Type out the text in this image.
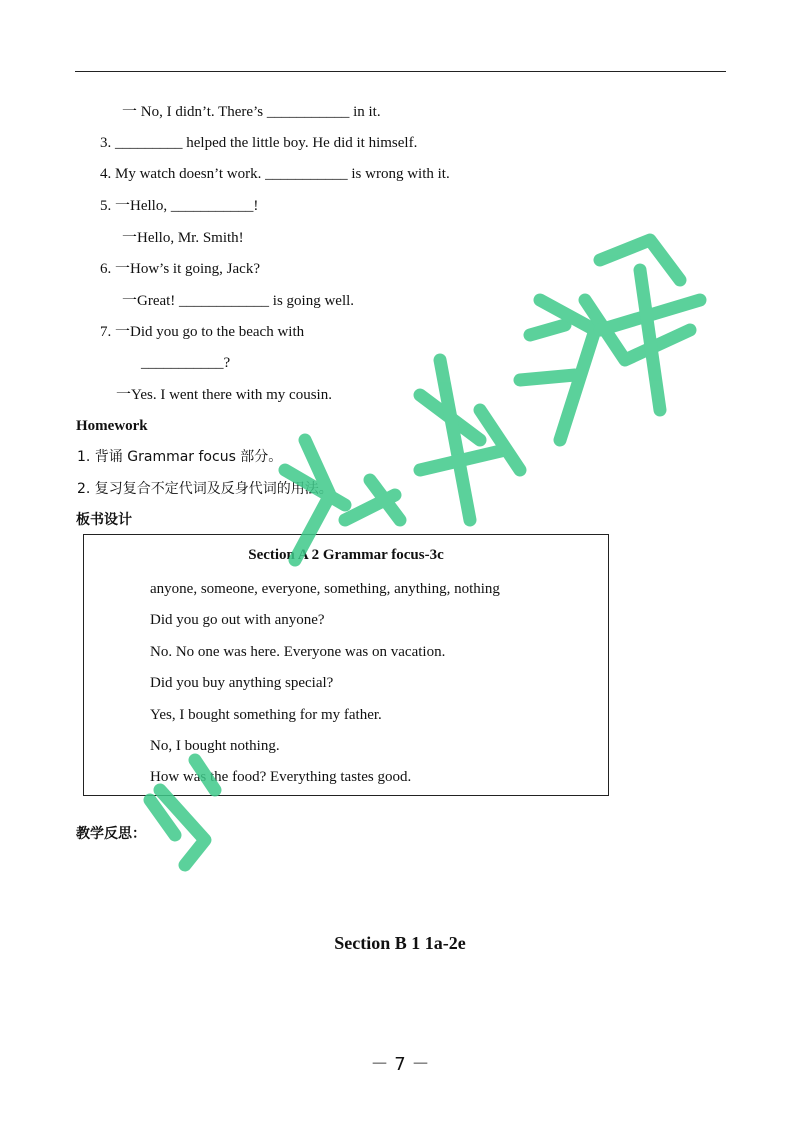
一 No, I didn’t. There’s ___________ in it.
3. _________ helped the little boy. He did it himself.
4. My watch doesn’t work. ___________ is wrong with it.
5. 一Hello, ___________!
一Hello, Mr. Smith!
6. 一How’s it going, Jack?
一Great! ____________ is going well.
7. 一Did you go to the beach with
___________?
一Yes. I went there with my cousin.
Homework
1. 背诵 Grammar focus 部分。
2. 复习复合不定代词及反身代词的用法。
板书设计
Section A 2 Grammar focus-3c
anyone, someone, everyone, something, anything, nothing
Did you go out with anyone?
No. No one was here. Everyone was on vacation.
Did you buy anything special?
Yes, I bought something for my father.
No, I bought nothing.
How was the food? Everything tastes good.
教学反思：
Section B 1 1a-2e
－ 7 －
